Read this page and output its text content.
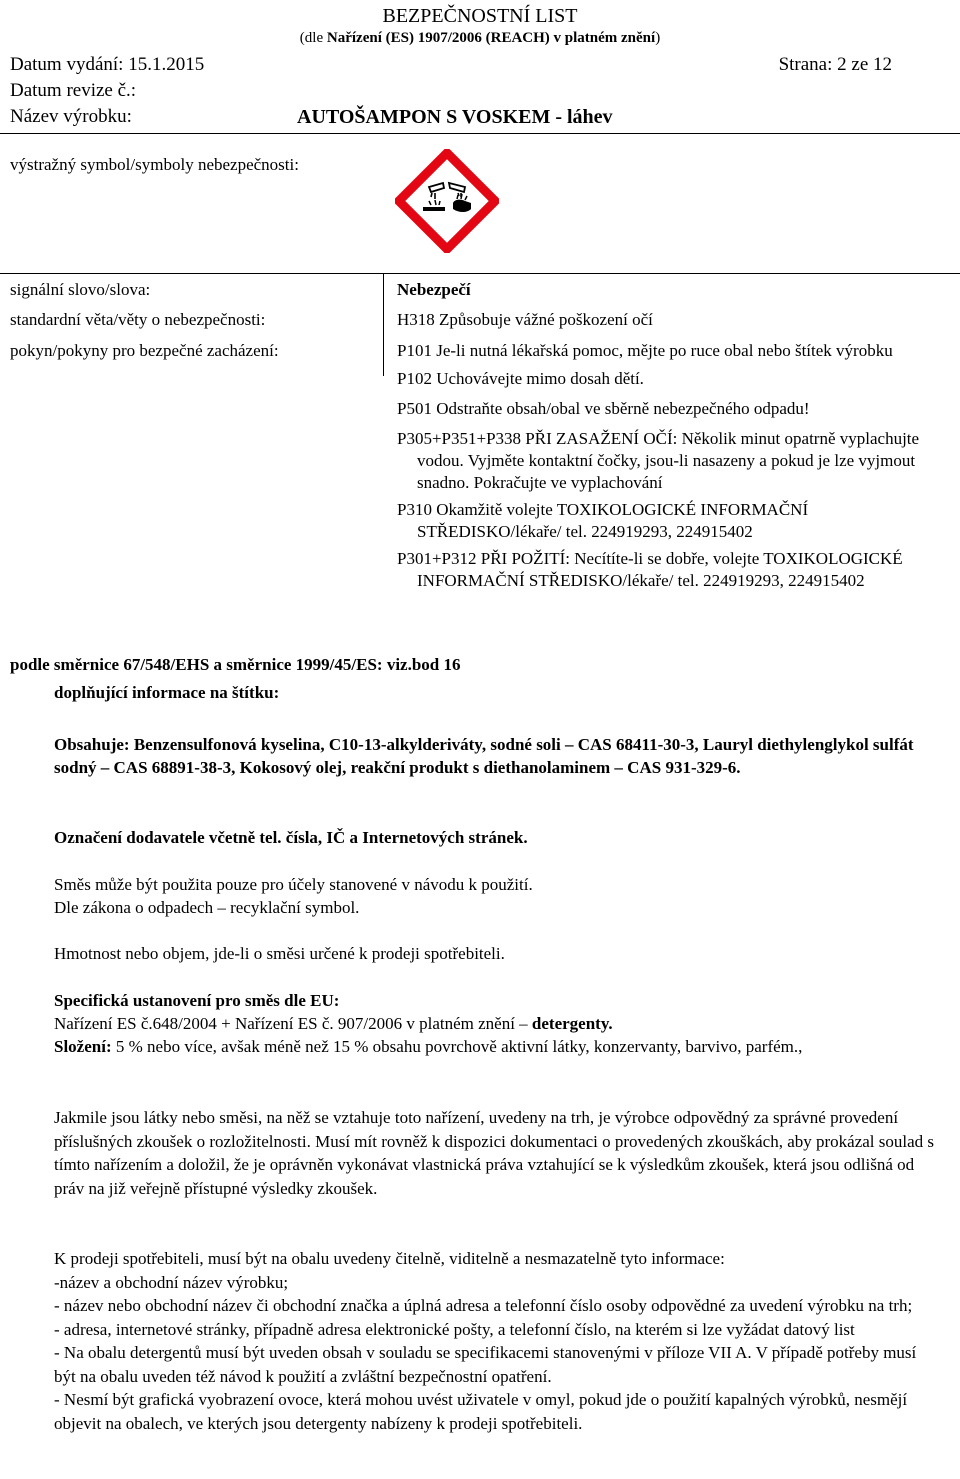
BEZPEČNOSTNÍ LIST
(dle Nařízení (ES) 1907/2006 (REACH) v platném znění)
Datum vydání: 15.1.2015	Strana: 2 ze 12
Datum revize č.:
Název výrobku:	AUTOŠAMPON S VOSKEM - láhev
výstražný symbol/symboly nebezpečnosti:
signální slovo/slova:
standardní věta/věty o nebezpečnosti:
pokyn/pokyny pro bezpečné zacházení:
Nebezpečí
H318 Způsobuje vážné poškození očí
P101 Je-li nutná lékařská pomoc, mějte po ruce obal nebo štítek výrobku
P102 Uchovávejte mimo dosah dětí.
P501 Odstraňte obsah/obal ve sběrně nebezpečného odpadu!
P305+P351+P338 PŘI ZASAŽENÍ OČÍ: Několik minut opatrně vyplachujte vodou. Vyjměte kontaktní čočky, jsou-li nasazeny a pokud je lze vyjmout snadno. Pokračujte ve vyplachování
P310 Okamžitě volejte TOXIKOLOGICKÉ INFORMAČNÍ STŘEDISKO/lékaře/ tel. 224919293, 224915402
P301+P312 PŘI POŽITÍ: Necítíte-li se dobře, volejte TOXIKOLOGICKÉ INFORMAČNÍ STŘEDISKO/lékaře/ tel. 224919293, 224915402
podle směrnice 67/548/EHS a směrnice 1999/45/ES: viz.bod 16
doplňující informace na štítku:

Obsahuje: Benzensulfonová kyselina, C10-13-alkylderiváty, sodné soli – CAS 68411-30-3, Lauryl diethylenglykol sulfát sodný – CAS 68891-38-3, Kokosový olej, reakční produkt s diethanolaminem – CAS 931-329-6.

Označení dodavatele včetně tel. čísla, IČ a Internetových stránek.

Směs může být použita pouze pro účely stanovené v návodu k použití.

Dle zákona o odpadech – recyklační symbol.

Hmotnost nebo objem, jde-li o směsi určené k prodeji spotřebiteli.

Specifická ustanovení pro směs dle EU:

Nařízení ES č.648/2004 + Nařízení ES č. 907/2006 v platném znění – detergenty.

Složení: 5 % nebo více, avšak méně než 15 % obsahu povrchově aktivní látky, konzervanty, barvivo, parfém.,

Jakmile jsou látky nebo směsi, na něž se vztahuje toto nařízení, uvedeny na trh, je výrobce odpovědný za správné provedení příslušných zkoušek o rozložitelnosti. Musí mít rovněž k dispozici dokumentaci o provedených zkouškách, aby prokázal soulad s tímto nařízením a doložil, že je oprávněn vykonávat vlastnická práva vztahující se k výsledkům zkoušek, která jsou odlišná od práv na již veřejně přístupné výsledky zkoušek.

K prodeji spotřebiteli, musí být na obalu uvedeny čitelně, viditelně a nesmazatelně tyto informace:

-název a obchodní název výrobku;

- název nebo obchodní název či obchodní značka a úplná adresa a telefonní číslo osoby odpovědné za uvedení výrobku na trh;

- adresa, internetové stránky, případně adresa elektronické pošty, a telefonní číslo, na kterém si lze vyžádat datový list

- Na obalu detergentů musí být uveden obsah v souladu se specifikacemi stanovenými v příloze VII A. V případě potřeby musí být na obalu uveden též návod k použití a zvláštní bezpečnostní opatření.

- Nesmí být grafická vyobrazení ovoce, která mohou uvést uživatele v omyl, pokud jde o použití kapalných výrobků, nesmějí objevit na obalech, ve kterých jsou detergenty nabízeny k prodeji spotřebiteli.
